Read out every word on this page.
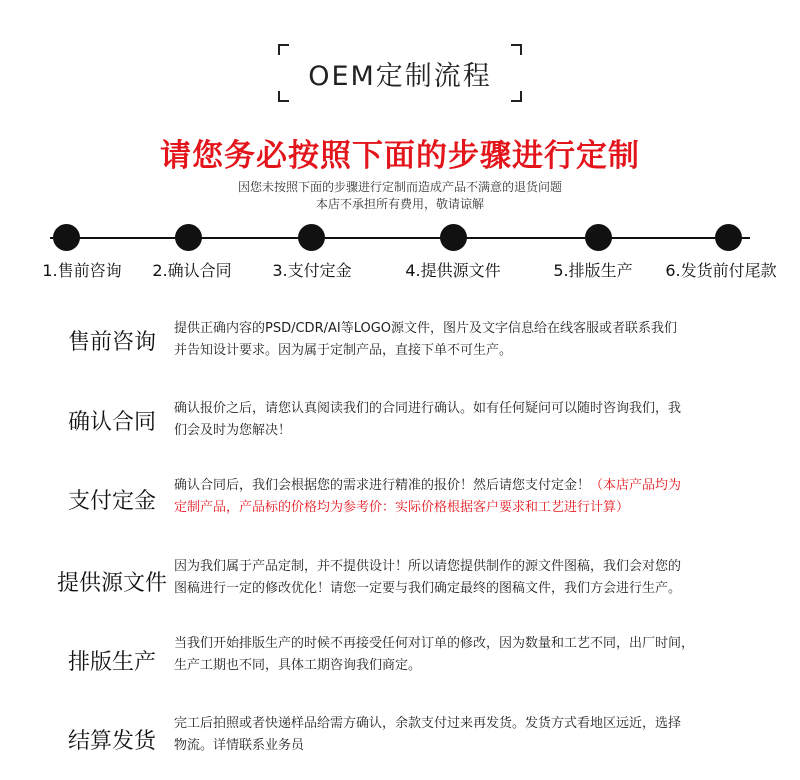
OEM定制流程
请您务必按照下面的步骤进行定制
因您未按照下面的步骤进行定制而造成产品不满意的退货问题
本店不承担所有费用，敬请谅解
1.售前咨询	2.确认合同	3.支付定金	4.提供源文件	5.排版生产	6.发货前付尾款
售前咨询
提供正确内容的PSD/CDR/AI等LOGO源文件，图片及文字信息给在线客服或者联系我们
并告知设计要求。因为属于定制产品，直接下单不可生产。
确认合同
确认报价之后，请您认真阅读我们的合同进行确认。如有任何疑问可以随时咨询我们，我
们会及时为您解决！
支付定金
确认合同后，我们会根据您的需求进行精准的报价！然后请您支付定金！（本店产品均为
定制产品，产品标的价格均为参考价：实际价格根据客户要求和工艺进行计算）
提供源文件
因为我们属于产品定制，并不提供设计！所以请您提供制作的源文件图稿，我们会对您的
图稿进行一定的修改优化！请您一定要与我们确定最终的图稿文件，我们方会进行生产。
排版生产
当我们开始排版生产的时候不再接受任何对订单的修改，因为数量和工艺不同，出厂时间，
生产工期也不同，具体工期咨询我们商定。
结算发货
完工后拍照或者快递样品给需方确认，余款支付过来再发货。发货方式看地区远近，选择
物流。详情联系业务员
